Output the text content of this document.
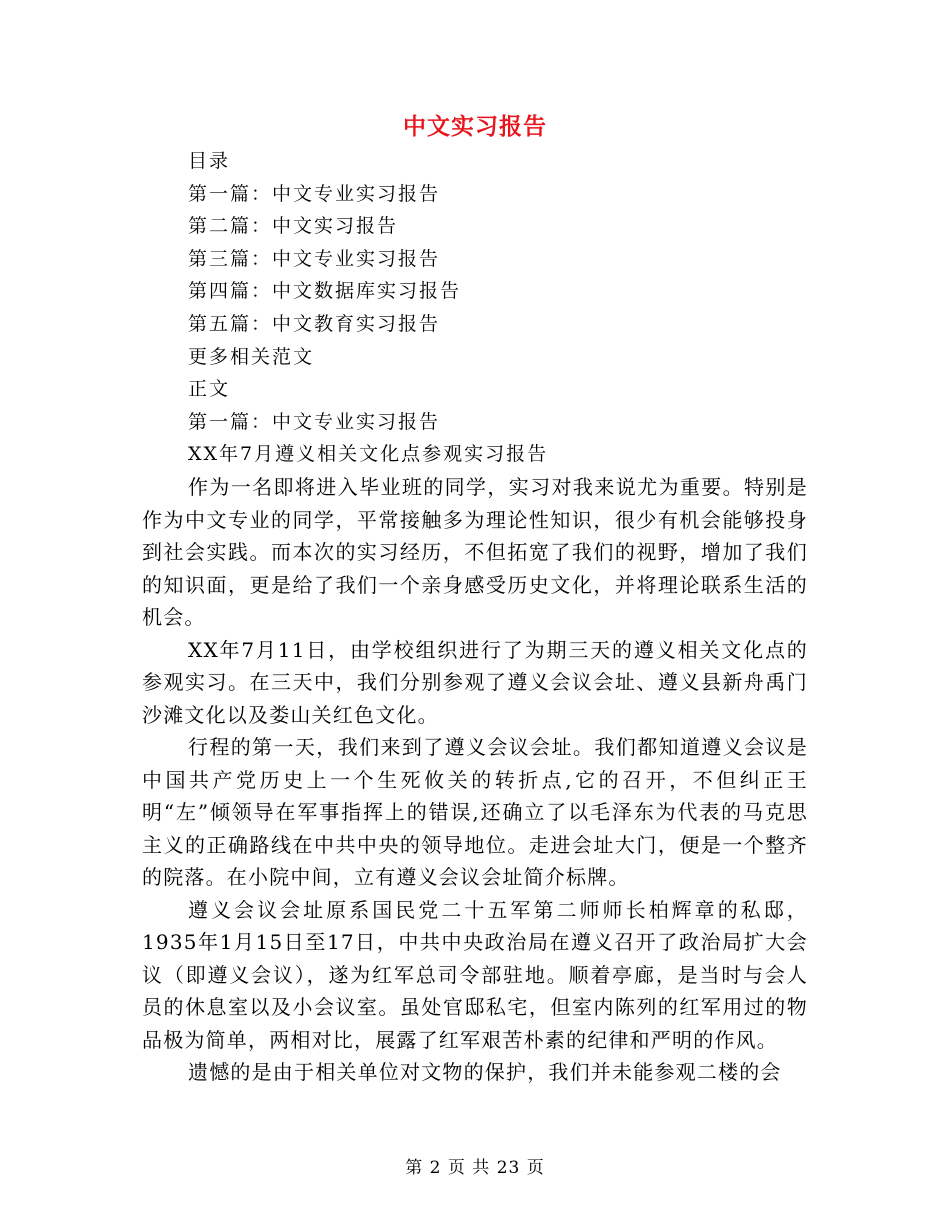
中文实习报告
目录
第一篇：中文专业实习报告
第二篇：中文实习报告
第三篇：中文专业实习报告
第四篇：中文数据库实习报告
第五篇：中文教育实习报告
更多相关范文
正文
第一篇：中文专业实习报告
XX年7月遵义相关文化点参观实习报告

作为一名即将进入毕业班的同学，实习对我来说尤为重要。特别是作为中文专业的同学，平常接触多为理论性知识，很少有机会能够投身到社会实践。而本次的实习经历，不但拓宽了我们的视野，增加了我们的知识面，更是给了我们一个亲身感受历史文化，并将理论联系生活的机会。

XX年7月11日，由学校组织进行了为期三天的遵义相关文化点的参观实习。在三天中，我们分别参观了遵义会议会址、遵义县新舟禹门沙滩文化以及娄山关红色文化。

行程的第一天，我们来到了遵义会议会址。我们都知道遵义会议是中国共产党历史上一个生死攸关的转折点,它的召开，不但纠正王明“左”倾领导在军事指挥上的错误,还确立了以毛泽东为代表的马克思主义的正确路线在中共中央的领导地位。走进会址大门，便是一个整齐的院落。在小院中间，立有遵义会议会址简介标牌。

遵义会议会址原系国民党二十五军第二师师长柏辉章的私邸，1935年1月15日至17日，中共中央政治局在遵义召开了政治局扩大会议（即遵义会议），遂为红军总司令部驻地。顺着亭廊，是当时与会人员的休息室以及小会议室。虽处官邸私宅，但室内陈列的红军用过的物品极为简单，两相对比，展露了红军艰苦朴素的纪律和严明的作风。

遗憾的是由于相关单位对文物的保护，我们并未能参观二楼的会

第 2 页 共 23 页
